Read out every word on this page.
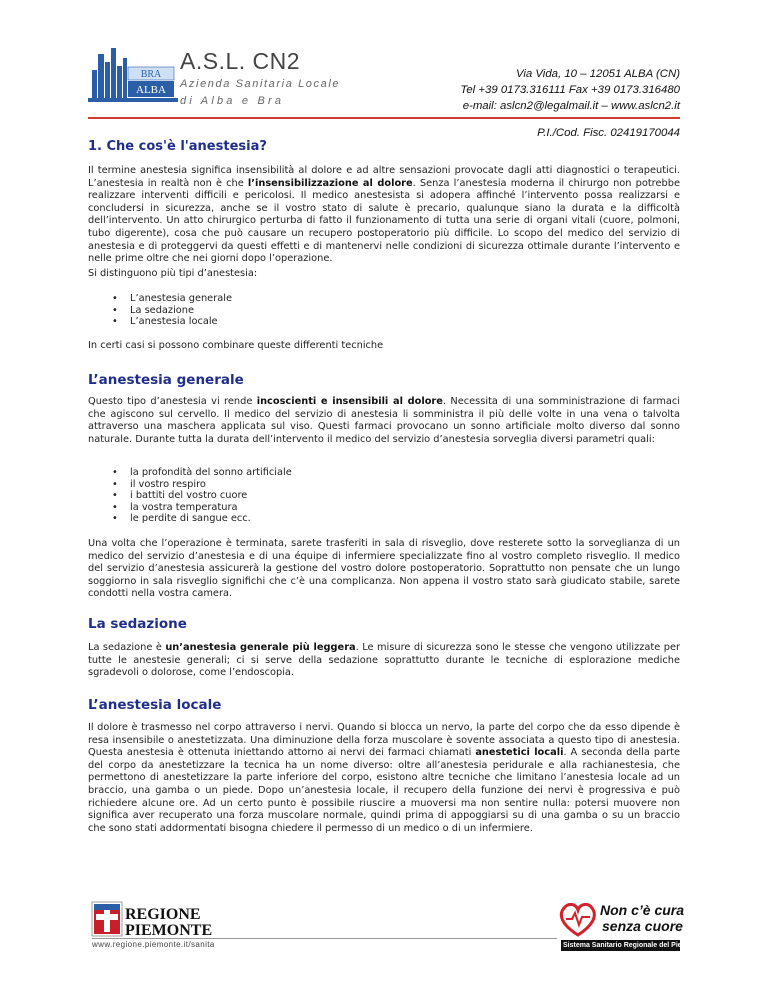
BRA
ALBA
A.S.L. CN2
Azienda Sanitaria Locale
di Alba e Bra
Via Vida, 10 – 12051 ALBA (CN)
Tel +39 0173.316111 Fax +39 0173.316480
e-mail: aslcn2@legalmail.it – www.aslcn2.it
P.I./Cod. Fisc. 02419170044
1. Che cos'è l'anestesia?
Il termine anestesia significa insensibilità al dolore e ad altre sensazioni provocate dagli atti diagnostici o terapeutici. L’anestesia in realtà non è che l’insensibilizzazione al dolore. Senza l’anestesia moderna il chirurgo non potrebbe realizzare interventi difficili e pericolosi. Il medico anestesista si adopera affinché l’intervento possa realizzarsi e concludersi in sicurezza, anche se il vostro stato di salute è precario, qualunque siano la durata e la difficoltà dell’intervento. Un atto chirurgico perturba di fatto il funzionamento di tutta una serie di organi vitali (cuore, polmoni, tubo digerente), cosa che può causare un recupero postoperatorio più difficile. Lo scopo del medico del servizio di anestesia e di proteggervi da questi effetti e di mantenervi nelle condizioni di sicurezza ottimale durante l’intervento e nelle prime oltre che nei giorni dopo l’operazione.
Si distinguono più tipi d’anestesia:
• L’anestesia generale
• La sedazione
• L’anestesia locale
In certi casi si possono combinare queste differenti tecniche
L’anestesia generale
Questo tipo d’anestesia vi rende incoscienti e insensibili al dolore. Necessita di una somministrazione di farmaci che agiscono sul cervello. Il medico del servizio di anestesia li somministra il più delle volte in una vena o talvolta attraverso una maschera applicata sul viso. Questi farmaci provocano un sonno artificiale molto diverso dal sonno naturale. Durante tutta la durata dell’intervento il medico del servizio d’anestesia sorveglia diversi parametri quali:
• la profondità del sonno artificiale
• il vostro respiro
• i battiti del vostro cuore
• la vostra temperatura
• le perdite di sangue ecc.
Una volta che l’operazione è terminata, sarete trasferiti in sala di risveglio, dove resterete sotto la sorveglianza di un medico del servizio d’anestesia e di una équipe di infermiere specializzate fino al vostro completo risveglio. Il medico del servizio d’anestesia assicurerà la gestione del vostro dolore postoperatorio. Soprattutto non pensate che un lungo soggiorno in sala risveglio significhi che c’è una complicanza. Non appena il vostro stato sarà giudicato stabile, sarete condotti nella vostra camera.
La sedazione
La sedazione è un’anestesia generale più leggera. Le misure di sicurezza sono le stesse che vengono utilizzate per tutte le anestesie generali; ci si serve della sedazione soprattutto durante le tecniche di esplorazione mediche sgradevoli o dolorose, come l’endoscopia.
L’anestesia locale
Il dolore è trasmesso nel corpo attraverso i nervi. Quando si blocca un nervo, la parte del corpo che da esso dipende è resa insensibile o anestetizzata. Una diminuzione della forza muscolare è sovente associata a questo tipo di anestesia. Questa anestesia è ottenuta iniettando attorno ai nervi dei farmaci chiamati anestetici locali. A seconda della parte del corpo da anestetizzare la tecnica ha un nome diverso: oltre all’anestesia peridurale e alla rachianestesia, che permettono di anestetizzare la parte inferiore del corpo, esistono altre tecniche che limitano l’anestesia locale ad un braccio, una gamba o un piede. Dopo un’anestesia locale, il recupero della funzione dei nervi è progressiva e può richiedere alcune ore. Ad un certo punto è possibile riuscire a muoversi ma non sentire nulla: potersi muovere non significa aver recuperato una forza muscolare normale, quindi prima di appoggiarsi su di una gamba o su un braccio che sono stati addormentati bisogna chiedere il permesso di un medico o di un infermiere.
REGIONE
PIEMONTE
www.regione.piemonte.it/sanita
Non c’è cura
senza cuore
Sistema Sanitario Regionale del Piemonte
